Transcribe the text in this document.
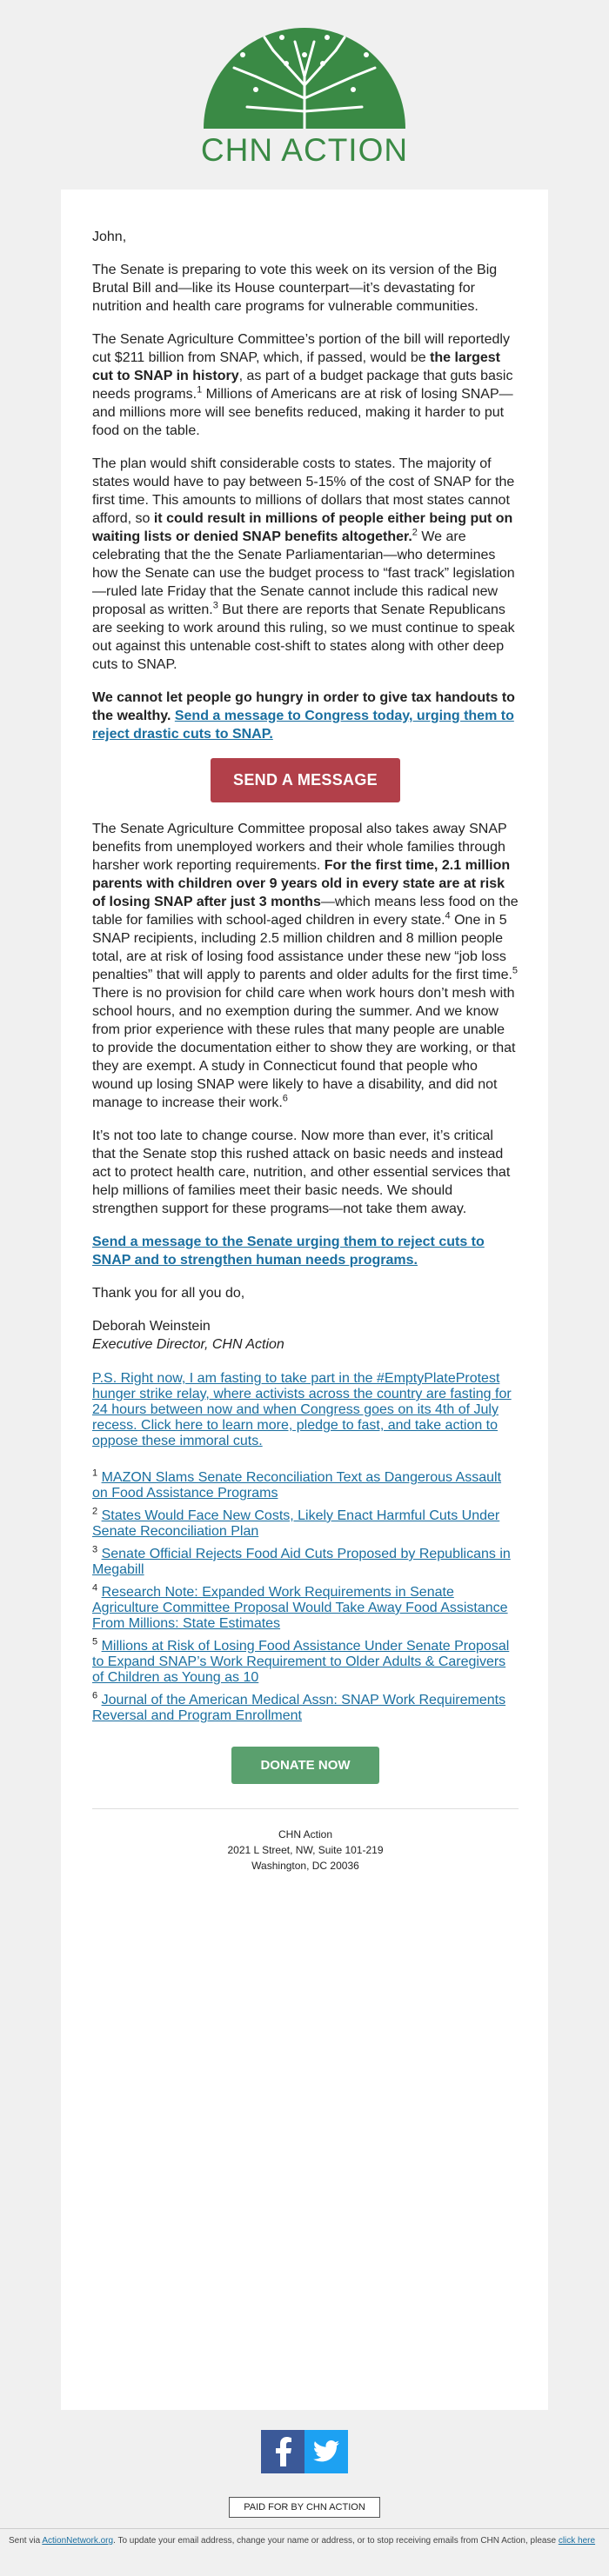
CHN ACTION

John,

The Senate is preparing to vote this week on its version of the Big Brutal Bill and—like its House counterpart—it’s devastating for nutrition and health care programs for vulnerable communities.

The Senate Agriculture Committee’s portion of the bill will reportedly cut $211 billion from SNAP, which, if passed, would be the largest cut to SNAP in history, as part of a budget package that guts basic needs programs.$^1$ Millions of Americans are at risk of losing SNAP—and millions more will see benefits reduced, making it harder to put food on the table.

The plan would shift considerable costs to states. The majority of states would have to pay between 5-15% of the cost of SNAP for the first time. This amounts to millions of dollars that most states cannot afford, so it could result in millions of people either being put on waiting lists or denied SNAP benefits altogether.$^2$ We are celebrating that the the Senate Parliamentarian—who determines how the Senate can use the budget process to “fast track” legislation—ruled late Friday that the Senate cannot include this radical new proposal as written.$^3$ But there are reports that Senate Republicans are seeking to work around this ruling, so we must continue to speak out against this untenable cost-shift to states along with other deep cuts to SNAP.

We cannot let people go hungry in order to give tax handouts to the wealthy. Send a message to Congress today, urging them to reject drastic cuts to SNAP.

SEND A MESSAGE

The Senate Agriculture Committee proposal also takes away SNAP benefits from unemployed workers and their whole families through harsher work reporting requirements. For the first time, 2.1 million parents with children over 9 years old in every state are at risk of losing SNAP after just 3 months—which means less food on the table for families with school-aged children in every state.$^4$ One in 5 SNAP recipients, including 2.5 million children and 8 million people total, are at risk of losing food assistance under these new “job loss penalties” that will apply to parents and older adults for the first time.$^5$ There is no provision for child care when work hours don’t mesh with school hours, and no exemption during the summer. And we know from prior experience with these rules that many people are unable to provide the documentation either to show they are working, or that they are exempt. A study in Connecticut found that people who wound up losing SNAP were likely to have a disability, and did not manage to increase their work.$^6$

It’s not too late to change course. Now more than ever, it’s critical that the Senate stop this rushed attack on basic needs and instead act to protect health care, nutrition, and other essential services that help millions of families meet their basic needs. We should strengthen support for these programs—not take them away.

Send a message to the Senate urging them to reject cuts to SNAP and to strengthen human needs programs.

Thank you for all you do,

Deborah Weinstein
Executive Director, CHN Action
P.S. Right now, I am fasting to take part in the #EmptyPlateProtest hunger strike relay, where activists across the country are fasting for 24 hours between now and when Congress goes on its 4th of July recess. Click here to learn more, pledge to fast, and take action to oppose these immoral cuts.
$^1$ MAZON Slams Senate Reconciliation Text as Dangerous Assault on Food Assistance Programs
$^2$ States Would Face New Costs, Likely Enact Harmful Cuts Under Senate Reconciliation Plan
$^3$ Senate Official Rejects Food Aid Cuts Proposed by Republicans in Megabill
$^4$ Research Note: Expanded Work Requirements in Senate Agriculture Committee Proposal Would Take Away Food Assistance From Millions: State Estimates
$^5$ Millions at Risk of Losing Food Assistance Under Senate Proposal to Expand SNAP’s Work Requirement to Older Adults & Caregivers of Children as Young as 10
$^6$ Journal of the American Medical Assn: SNAP Work Requirements Reversal and Program Enrollment
DONATE NOW
CHN Action
2021 L Street, NW, Suite 101-219
Washington, DC 20036
PAID FOR BY CHN ACTION
Sent via ActionNetwork.org. To update your email address, change your name or address, or to stop receiving emails from CHN Action, please click here
